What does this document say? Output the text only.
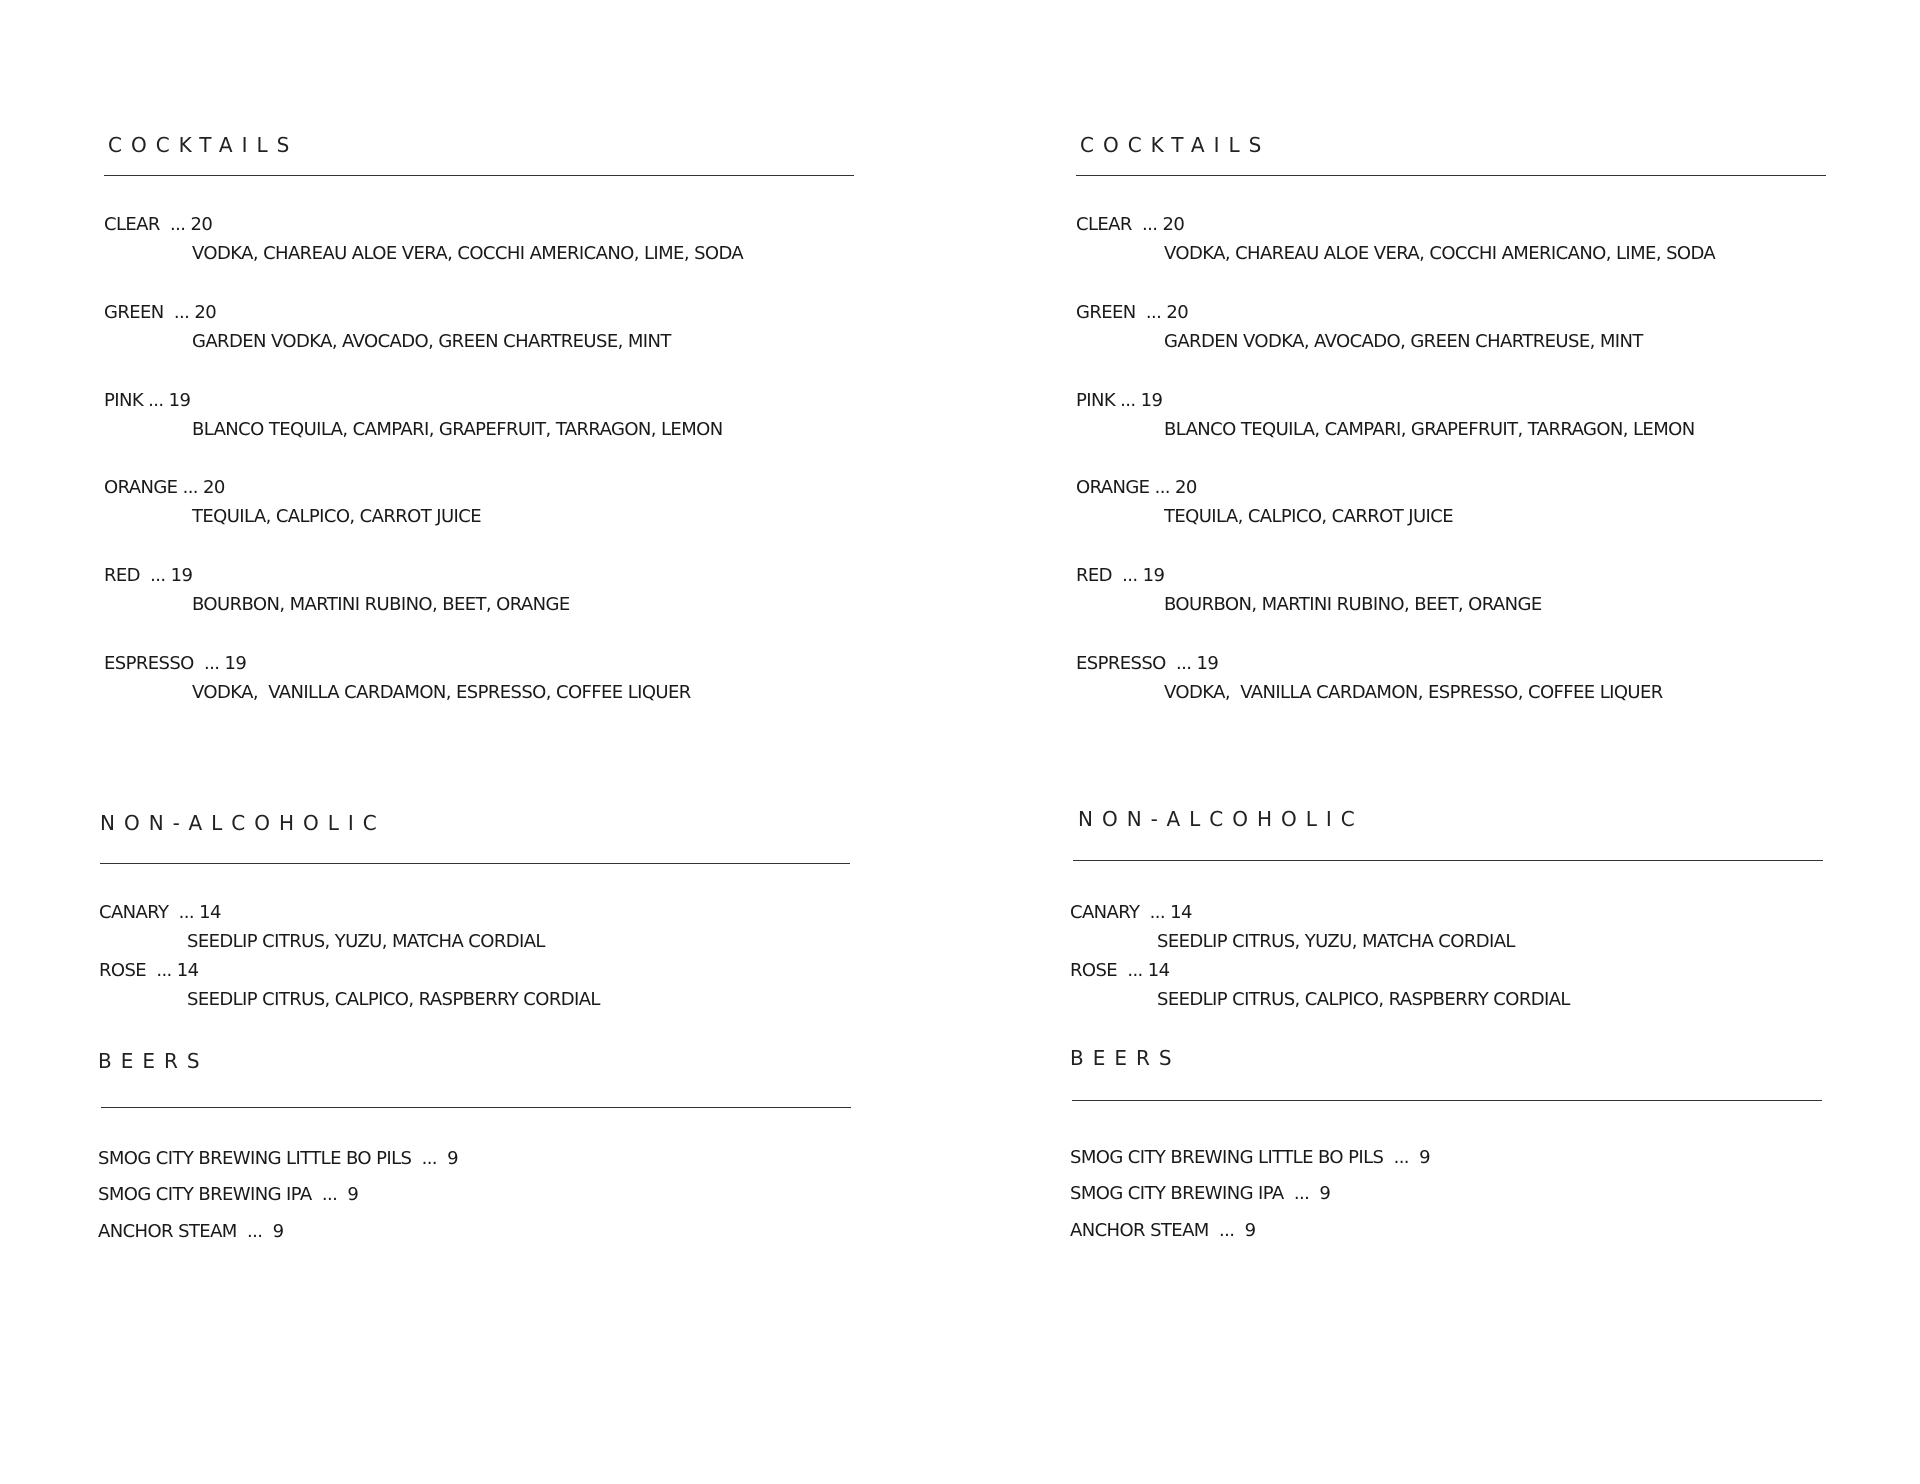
COCKTAILS
CLEAR  ... 20
VODKA, CHAREAU ALOE VERA, COCCHI AMERICANO, LIME, SODA
GREEN  ... 20
GARDEN VODKA, AVOCADO, GREEN CHARTREUSE, MINT
PINK ... 19
BLANCO TEQUILA, CAMPARI, GRAPEFRUIT, TARRAGON, LEMON
ORANGE ... 20
TEQUILA, CALPICO, CARROT JUICE
RED  ... 19
BOURBON, MARTINI RUBINO, BEET, ORANGE
ESPRESSO  ... 19
VODKA,  VANILLA CARDAMON, ESPRESSO, COFFEE LIQUER
NON-ALCOHOLIC
CANARY  ... 14
SEEDLIP CITRUS, YUZU, MATCHA CORDIAL
ROSE  ... 14
SEEDLIP CITRUS, CALPICO, RASPBERRY CORDIAL
BEERS
SMOG CITY BREWING LITTLE BO PILS  ...  9
SMOG CITY BREWING IPA  ...  9
ANCHOR STEAM  ...  9
COCKTAILS
CLEAR  ... 20
VODKA, CHAREAU ALOE VERA, COCCHI AMERICANO, LIME, SODA
GREEN  ... 20
GARDEN VODKA, AVOCADO, GREEN CHARTREUSE, MINT
PINK ... 19
BLANCO TEQUILA, CAMPARI, GRAPEFRUIT, TARRAGON, LEMON
ORANGE ... 20
TEQUILA, CALPICO, CARROT JUICE
RED  ... 19
BOURBON, MARTINI RUBINO, BEET, ORANGE
ESPRESSO  ... 19
VODKA,  VANILLA CARDAMON, ESPRESSO, COFFEE LIQUER
NON-ALCOHOLIC
CANARY  ... 14
SEEDLIP CITRUS, YUZU, MATCHA CORDIAL
ROSE  ... 14
SEEDLIP CITRUS, CALPICO, RASPBERRY CORDIAL
BEERS
SMOG CITY BREWING LITTLE BO PILS  ...  9
SMOG CITY BREWING IPA  ...  9
ANCHOR STEAM  ...  9
